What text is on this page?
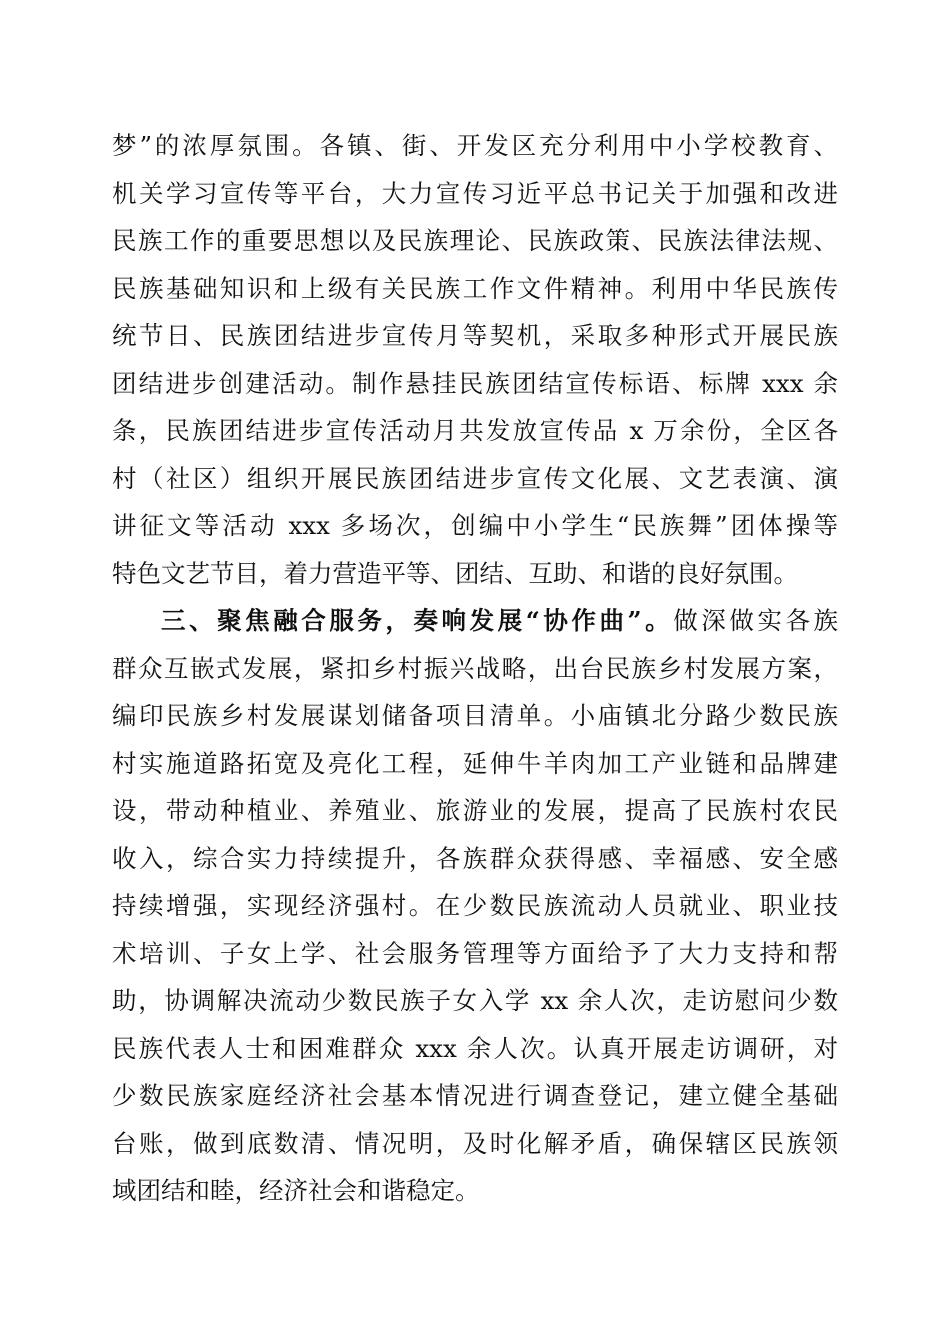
梦”的浓厚氛围。各镇、街、开发区充分利用中小学校教育、
机关学习宣传等平台，大力宣传习近平总书记关于加强和改进
民族工作的重要思想以及民族理论、民族政策、民族法律法规、
民族基础知识和上级有关民族工作文件精神。利用中华民族传
统节日、民族团结进步宣传月等契机，采取多种形式开展民族
团结进步创建活动。制作悬挂民族团结宣传标语、标牌 xxx 余
条，民族团结进步宣传活动月共发放宣传品 x 万余份，全区各
村（社区）组织开展民族团结进步宣传文化展、文艺表演、演
讲征文等活动 xxx 多场次，创编中小学生“民族舞”团体操等
特色文艺节目，着力营造平等、团结、互助、和谐的良好氛围。
三、聚焦融合服务，奏响发展“协作曲”。做深做实各族
群众互嵌式发展，紧扣乡村振兴战略，出台民族乡村发展方案，
编印民族乡村发展谋划储备项目清单。小庙镇北分路少数民族
村实施道路拓宽及亮化工程，延伸牛羊肉加工产业链和品牌建
设，带动种植业、养殖业、旅游业的发展，提高了民族村农民
收入，综合实力持续提升，各族群众获得感、幸福感、安全感
持续增强，实现经济强村。在少数民族流动人员就业、职业技
术培训、子女上学、社会服务管理等方面给予了大力支持和帮
助，协调解决流动少数民族子女入学 xx 余人次，走访慰问少数
民族代表人士和困难群众 xxx 余人次。认真开展走访调研，对
少数民族家庭经济社会基本情况进行调查登记，建立健全基础
台账，做到底数清、情况明，及时化解矛盾，确保辖区民族领
域团结和睦，经济社会和谐稳定。
